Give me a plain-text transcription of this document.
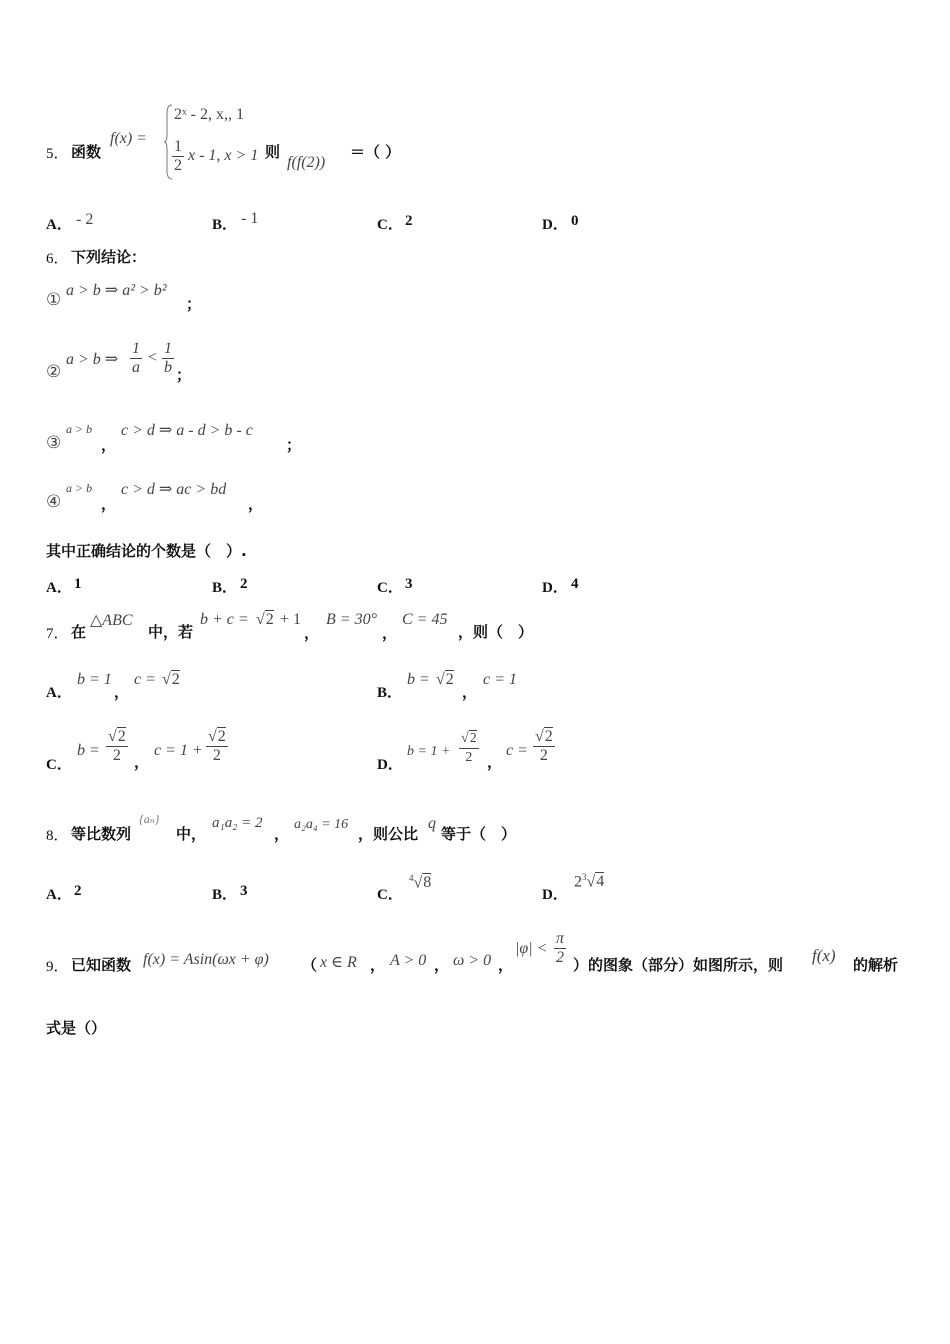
5． 函数
f(x) =
2ˣ - 2, x,, 1
$\frac{1}{2}$ x - 1, x > 1 则
f(f(2))
＝（ ）
A． - 2	B． - 1	C． 2	D． 0
6． 下列结论：
① a > b ⇒ a² > b²
；
②
a > b ⇒ $\frac{1}{a} < \frac{1}{b}$ ；
③
a > b
，
c > d ⇒ a - d > b - c
；
④
a > b
，
c > d ⇒ ac > bd
，
其中正确结论的个数是（　）.
A． 1	B． 2	C． 3	D． 4
7． 在
△ABC
中，若
b + c = √2 + 1
，
B = 30°
，
C = 45
，则（　）
A．
b = 1
，
c = √2
B．
b = √2
，
c = 1
C．
$b = \frac{√2}{2}$ ，
$c = 1 + \frac{√2}{2}$	D．
$b = 1 + \frac{√2}{2}$ ，
$c = \frac{√2}{2}$
8． 等比数列
{aₙ}
中，
a₁a₂ = 2
，
a₂a₄ = 16
，则公比
q
等于（　）
A． 2	B． 3	C．
$^4$√8
D．
$2^3√4$
9． 已知函数 f(x) = Asin(ωx + φ) （ x ∈ R ， A > 0 ， ω > 0 ，
$|\varphi| < \frac{\pi}{2}$ ）的图象（部分）如图所示，则 f(x) 的解析
式是（）
